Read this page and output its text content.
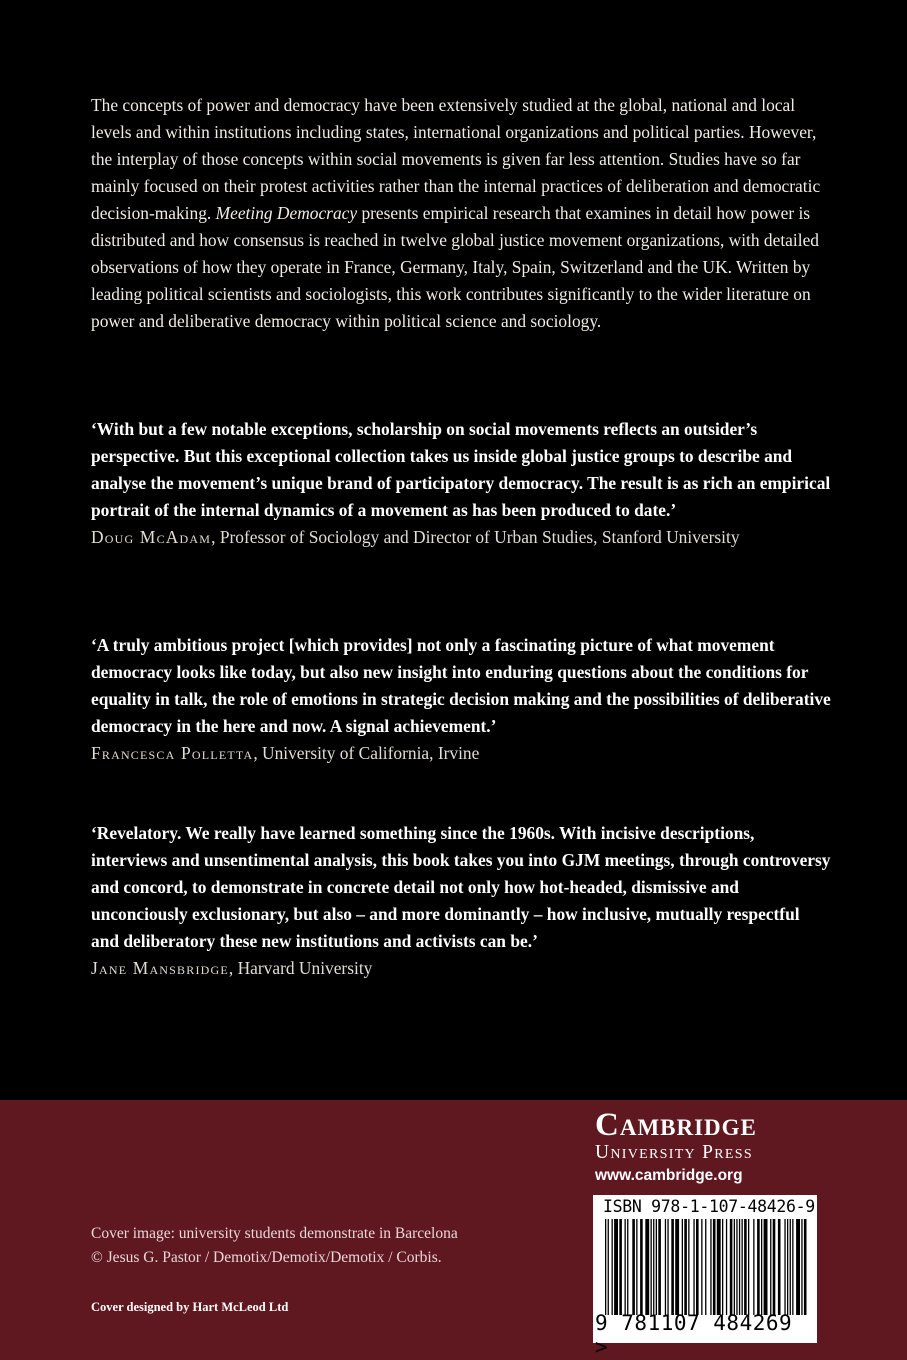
The concepts of power and democracy have been extensively studied at the global, national and local levels and within institutions including states, international organizations and political parties. However, the interplay of those concepts within social movements is given far less attention. Studies have so far mainly focused on their protest activities rather than the internal practices of deliberation and democratic decision-making. Meeting Democracy presents empirical research that examines in detail how power is distributed and how consensus is reached in twelve global justice movement organizations, with detailed observations of how they operate in France, Germany, Italy, Spain, Switzerland and the UK. Written by leading political scientists and sociologists, this work contributes significantly to the wider literature on power and deliberative democracy within political science and sociology.

‘With but a few notable exceptions, scholarship on social movements reflects an outsider’s perspective. But this exceptional collection takes us inside global justice groups to describe and analyse the movement’s unique brand of participatory democracy. The result is as rich an empirical portrait of the internal dynamics of a movement as has been produced to date.’

Doug McAdam, Professor of Sociology and Director of Urban Studies, Stanford University

‘A truly ambitious project [which provides] not only a fascinating picture of what movement democracy looks like today, but also new insight into enduring questions about the conditions for equality in talk, the role of emotions in strategic decision making and the possibilities of deliberative democracy in the here and now. A signal achievement.’

Francesca Polletta, University of California, Irvine

‘Revelatory. We really have learned something since the 1960s. With incisive descriptions, interviews and unsentimental analysis, this book takes you into GJM meetings, through controversy and concord, to demonstrate in concrete detail not only how hot-headed, dismissive and unconciously exclusionary, but also – and more dominantly – how inclusive, mutually respectful and deliberatory these new institutions and activists can be.’

Jane Mansbridge, Harvard University

Cambridge
University Press
www.cambridge.org
ISBN 978-1-107-48426-9
9 781107 484269 >

Cover image: university students demonstrate in Barcelona
© Jesus G. Pastor / Demotix/Demotix/Demotix / Corbis.

Cover designed by Hart McLeod Ltd
